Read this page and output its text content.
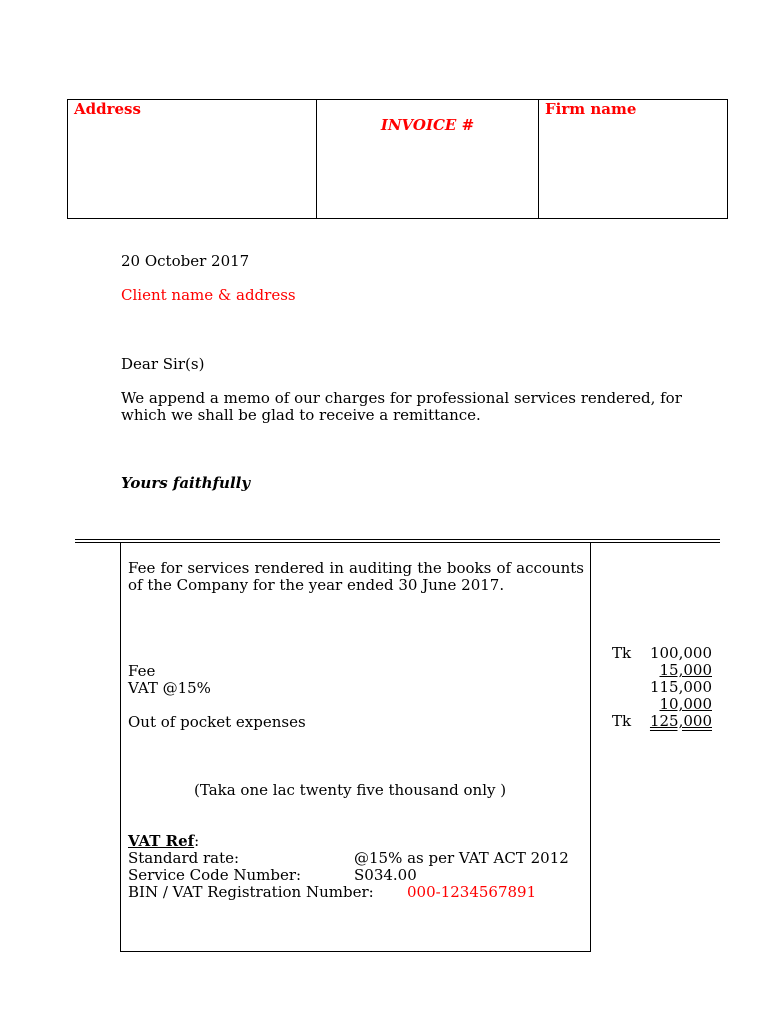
Address
INVOICE #
Firm name
20 October 2017
Client name & address
Dear Sir(s)
We append a memo of our charges for professional services rendered, for
which we shall be glad to receive a remittance.
Yours faithfully
Fee for services rendered in auditing the books of accounts of the Company for the year ended 30 June 2017.
Fee
VAT @15%
Out of pocket expenses
(Taka one lac twenty five thousand only )
VAT Ref:
Standard rate:	@15% as per VAT ACT 2012
Service Code Number:	S034.00
BIN / VAT Registration Number: 000-1234567891
Tk 100,000
15,000
115,000
10,000
Tk 125,000
